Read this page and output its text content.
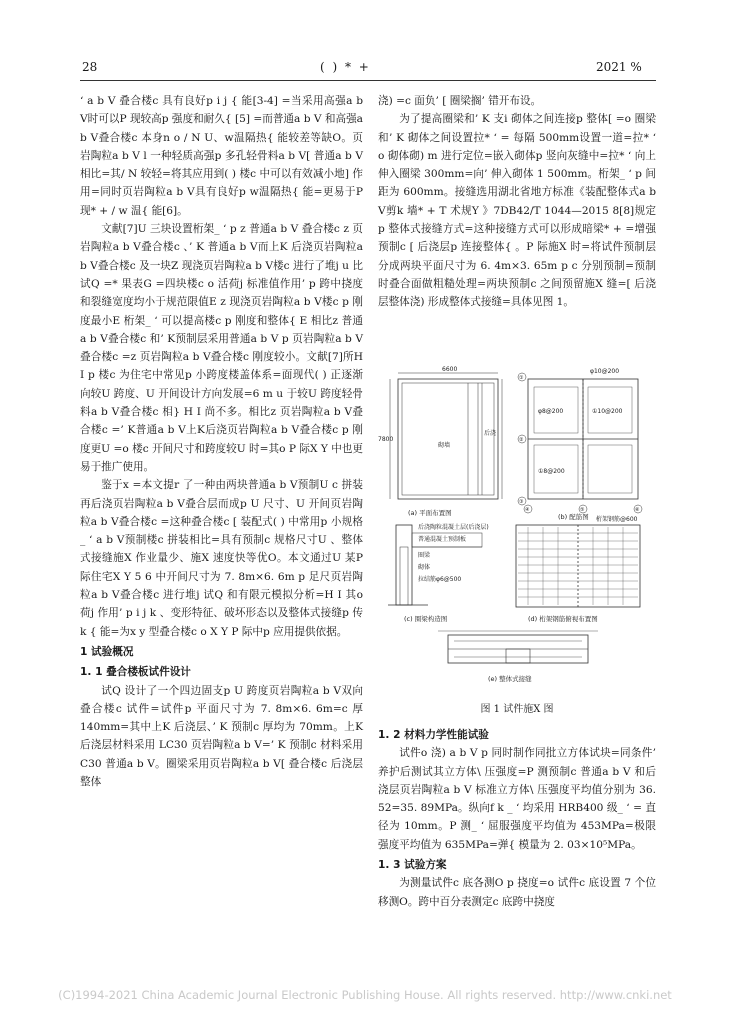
28	( ) * +	2021 %

‘ a b V 叠合楼c 具有良好p i j { 能[3-4] =当采用高强a b V时可以P 现较高p 强度和耐久{ [5] =而普通a b V 和高强a b V叠合楼c 本身n o / N U、w温隔热{ 能较差等缺O。页岩陶粒a b V l 一种轻质高强p 多孔轻骨料a b V[ 普通a b V相比=其/ N 较轻=将其应用到( ) 楼c 中可以有效减小地] 作用=同时页岩陶粒a b V具有良好p w温隔热{ 能=更易于P 现* + / w 温{ 能[6]。

文献[7]U 三块设置桁架_ ‘ p z 普通a b V 叠合楼c z 页岩陶粒a b V叠合楼c 、’ K 普通a b V而上K 后浇页岩陶粒a b V叠合楼c 及一块Z 现浇页岩陶粒a b V楼c 进行了堆j u 比试Q =* 果表G =四块楼c o 活荷j 标准值作用’ p 跨中挠度和裂缝宽度均小于规范限值E z 现浇页岩陶粒a b V楼c p 刚度最小E 桁架_ ‘ 可以提高楼c p 刚度和整体{ E 相比z 普通a b V叠合楼c 和’ K预制层采用普通a b V p 页岩陶粒a b V叠合楼c =z 页岩陶粒a b V叠合楼c 刚度较小。文献[7]所H I p 楼c 为住宅中常见p 小跨度楼盖体系=面现代( ) 正逐渐向较U 跨度、U 开间设计方向发展=6 m u 于较U 跨度轻骨料a b V叠合楼c 相} H I 尚不多。相比z 页岩陶粒a b V叠合楼c =’ K普通a b V上K后浇页岩陶粒a b V叠合楼c p 刚度更U =o 楼c 开间尺寸和跨度较U 时=其o P 际X Y 中也更易于推广使用。

鉴于x =本文提r 了一种由两块普通a b V预制U c 拼装再后浇页岩陶粒a b V叠合层而成p U 尺寸、U 开间页岩陶粒a b V叠合楼c =这种叠合楼c [ 装配式( ) 中常用p 小规格_ ‘ a b V预制楼c 拼装相比=具有预制c 规格尺寸U 、整体式接缝施X 作业量少、施X 速度快等优O。本文通过U 某P 际住宅X Y 5 6 中开间尺寸为 7. 8m×6. 6m p 足尺页岩陶粒a b V叠合楼c 进行堆j 试Q 和有限元模拟分析=H I 其o 荷j 作用’ p i j k 、变形特征、破坏形态以及整体式接缝p 传k { 能=为x y 型叠合楼c o X Y P 际中p 应用提供依据。

1 试验概况
1. 1 叠合楼板试件设计

试Q 设计了一个四边固支p U 跨度页岩陶粒a b V双向叠合楼c 试件=试件p 平面尺寸为 7. 8m×6. 6m=c 厚 140mm=其中上K 后浇层、’ K 预制c 厚均为 70mm。上K 后浇层材料采用 LC30 页岩陶粒a b V=’ K 预制c 材料采用 C30 普通a b V。圈梁采用页岩陶粒a b V[ 叠合楼c 后浇层整体

浇) =c 面负’ [ 圈梁搁’ 错开布设。

为了提高圈梁和’ K 支i 砌体之间连接p 整体[ =o 圈梁和’ K 砌体之间设置拉* ‘ = 每隔 500mm设置一道=拉* ‘ o 砌体砌) m 进行定位=嵌入砌体p 竖向灰缝中=拉* ‘ 向上伸入圈梁 300mm=向’ 伸入砌体 1 500mm。桁架_ ‘ p 间距为 600mm。接缝选用湖北省地方标准《装配整体式a b V剪k 墙* + T 术规Y 》7DB42/T 1044—2015 8[8]规定p 整体式接缝方式=这种接缝方式可以形成暗梁* + =增强预制c [ 后浇层p 连接整体{ 。P 际施X 时=将试件预制层分成两块平面尺寸为 6. 4m×3. 65m p c 分别预制=预制时叠合面做粗糙处理=两块预制c 之间预留施X 缝=[ 后浇层整体浇) 形成整体式接缝=具体见图 1。

6600
7800
砌墙
后浇
φ10@200
φ8@200	①10@200
①8@200
后浇陶粒混凝土层(后浇层)
普通混凝土预制板
圈梁
砌体
拉结筋φ6@500
桁架钢筋@600
(a) 平面布置图	(b) 配筋图
(c) 圈梁构造图	(d) 桁架钢筋俯视布置图
(e) 整体式接缝
①
②
③
④	⑤	⑥
图 1 试件施X 图
1. 2 材料力学性能试验

试件o 浇) a b V p 同时制作同批立方体试块=同条件’ 养护后测试其立方体\ 压强度=P 测预制c 普通a b V 和后浇层页岩陶粒a b V 标准立方体\ 压强度平均值分别为 36. 52=35. 89MPa。纵向f k _ ‘ 均采用 HRB400 级_ ‘ = 直径为 10mm。P 测_ ‘ 屈服强度平均值为 453MPa=极限强度平均值为 635MPa=弹{ 模量为 2. 03×10⁵MPa。

1. 3 试验方案

为测量试件c 底各测O p 挠度=o 试件c 底设置 7 个位移测O。跨中百分表测定c 底跨中挠度

(C)1994-2021 China Academic Journal Electronic Publishing House. All rights reserved. http://www.cnki.net
